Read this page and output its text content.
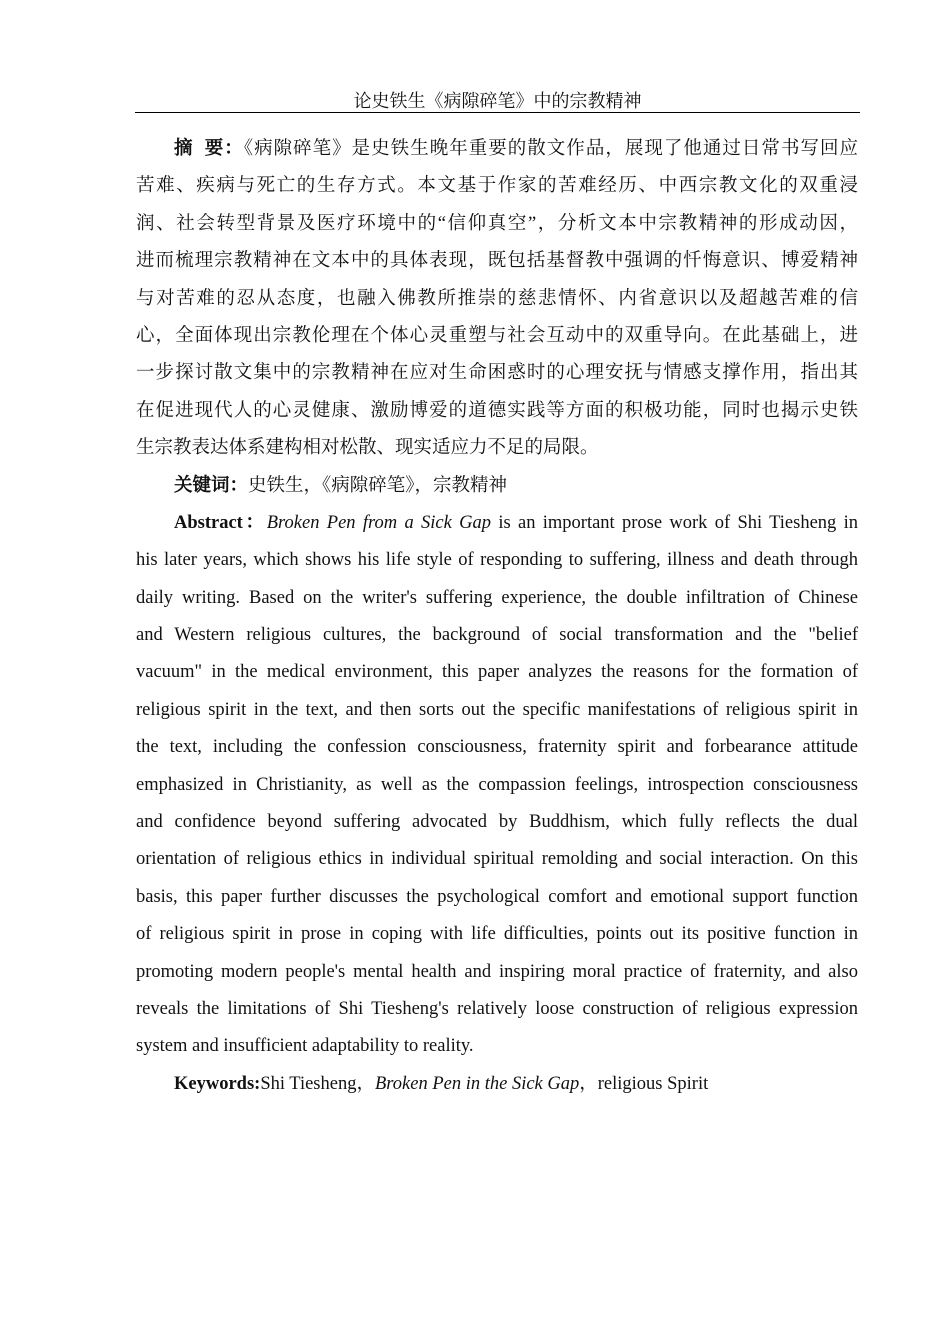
论史铁生《病隙碎笔》中的宗教精神
摘  要：《病隙碎笔》是史铁生晚年重要的散文作品，展现了他通过日常书写回应
苦难、疾病与死亡的生存方式。本文基于作家的苦难经历、中西宗教文化的双重浸
润、社会转型背景及医疗环境中的“信仰真空”，分析文本中宗教精神的形成动因，
进而梳理宗教精神在文本中的具体表现，既包括基督教中强调的忏悔意识、博爱精神
与对苦难的忍从态度，也融入佛教所推崇的慈悲情怀、内省意识以及超越苦难的信
心，全面体现出宗教伦理在个体心灵重塑与社会互动中的双重导向。在此基础上，进
一步探讨散文集中的宗教精神在应对生命困惑时的心理安抚与情感支撑作用，指出其
在促进现代人的心灵健康、激励博爱的道德实践等方面的积极功能，同时也揭示史铁
生宗教表达体系建构相对松散、现实适应力不足的局限。
关键词：史铁生，《病隙碎笔》，宗教精神
Abstract：Broken Pen from a Sick Gap is an important prose work of Shi Tiesheng in
his later years, which shows his life style of responding to suffering, illness and death through
daily writing. Based on the writer's suffering experience, the double infiltration of Chinese
and Western religious cultures, the background of social transformation and the "belief
vacuum" in the medical environment, this paper analyzes the reasons for the formation of
religious spirit in the text, and then sorts out the specific manifestations of religious spirit in
the text, including the confession consciousness, fraternity spirit and forbearance attitude
emphasized in Christianity, as well as the compassion feelings, introspection consciousness
and confidence beyond suffering advocated by Buddhism, which fully reflects the dual
orientation of religious ethics in individual spiritual remolding and social interaction. On this
basis, this paper further discusses the psychological comfort and emotional support function
of religious spirit in prose in coping with life difficulties, points out its positive function in
promoting modern people's mental health and inspiring moral practice of fraternity, and also
reveals the limitations of Shi Tiesheng's relatively loose construction of religious expression
system and insufficient adaptability to reality.
Keywords:Shi Tiesheng，Broken Pen in the Sick Gap，religious Spirit
